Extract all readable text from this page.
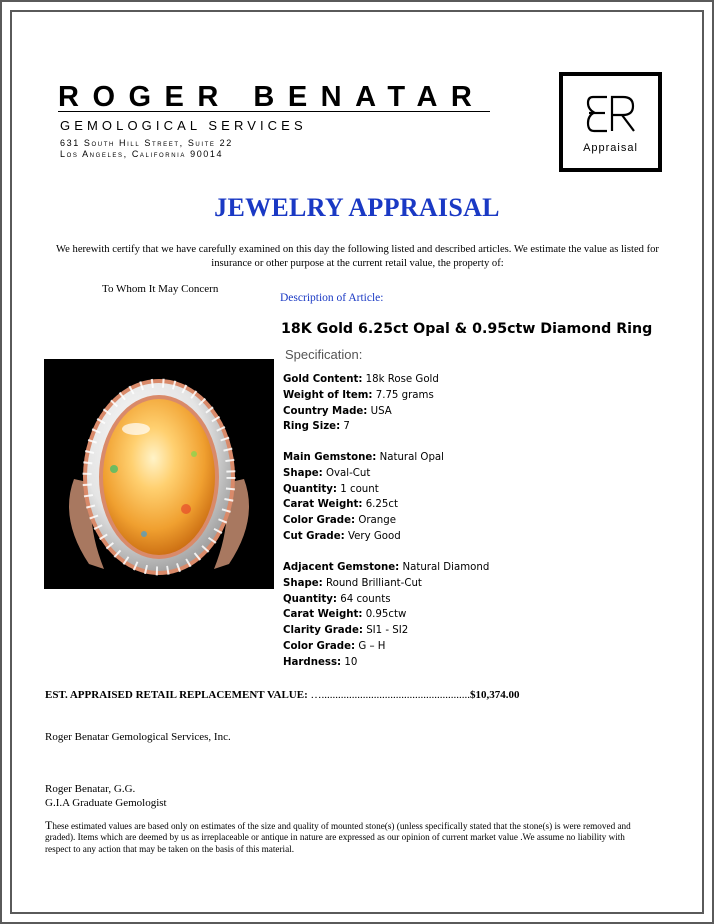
ROGER BENATAR
GEMOLOGICAL SERVICES
631 South Hill Street, Suite 22
Los Angeles, California 90014	Appraisal
JEWELRY APPRAISAL
We herewith certify that we have carefully examined on this day the following listed and described articles. We estimate the value as listed for insurance or other purpose at the current retail value, the property of:
To Whom It May Concern
Description of Article:
18K Gold 6.25ct Opal & 0.95ctw Diamond Ring
Specification:
Gold Content: 18k Rose Gold
Weight of Item: 7.75 grams
Country Made: USA
Ring Size: 7
Main Gemstone: Natural Opal
Shape: Oval-Cut
Quantity: 1 count
Carat Weight: 6.25ct
Color Grade: Orange
Cut Grade: Very Good
Adjacent Gemstone: Natural Diamond
Shape: Round Brilliant-Cut
Quantity: 64 counts
Carat Weight: 0.95ctw
Clarity Grade: SI1 - SI2
Color Grade: G – H
Hardness: 10
EST. APPRAISED RETAIL REPLACEMENT VALUE: …......................................................$10,374.00
Roger Benatar Gemological Services, Inc.
Roger Benatar, G.G.
G.I.A Graduate Gemologist
These estimated values are based only on estimates of the size and quality of mounted stone(s) (unless specifically stated that the stone(s) is were removed and graded). Items which are deemed by us as irreplaceable or antique in nature are expressed as our opinion of current market value .We assume no liability with respect to any action that may be taken on the basis of this material.
